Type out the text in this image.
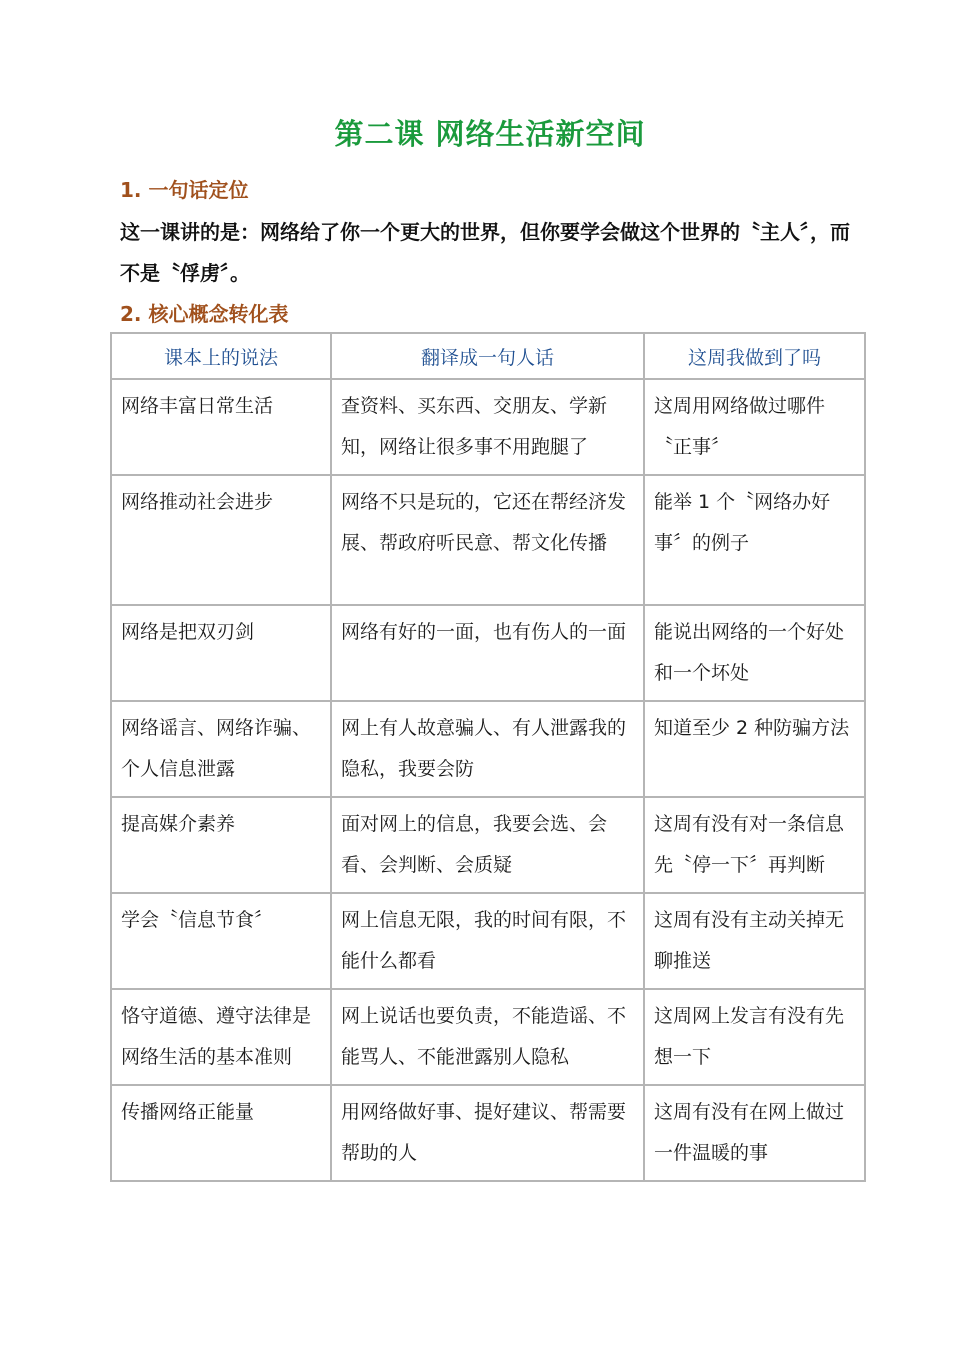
第二课 网络生活新空间
1. 一句话定位
这一课讲的是：网络给了你一个更大的世界，但你要学会做这个世界的〝主人〞，而不是〝俘虏〞。
2. 核心概念转化表
课本上的说法	翻译成一句人话	这周我做到了吗
网络丰富日常生活	查资料、买东西、交朋友、学新知，网络让很多事不用跑腿了	这周用网络做过哪件〝正事〞
网络推动社会进步	网络不只是玩的，它还在帮经济发展、帮政府听民意、帮文化传播	能举 1 个〝网络办好事〞的例子
网络是把双刃剑	网络有好的一面，也有伤人的一面	能说出网络的一个好处和一个坏处
网络谣言、网络诈骗、个人信息泄露	网上有人故意骗人、有人泄露我的隐私，我要会防	知道至少 2 种防骗方法
提高媒介素养	面对网上的信息，我要会选、会看、会判断、会质疑	这周有没有对一条信息先〝停一下〞再判断
学会〝信息节食〞	网上信息无限，我的时间有限，不能什么都看	这周有没有主动关掉无聊推送
恪守道德、遵守法律是网络生活的基本准则	网上说话也要负责，不能造谣、不能骂人、不能泄露别人隐私	这周网上发言有没有先想一下
传播网络正能量	用网络做好事、提好建议、帮需要帮助的人	这周有没有在网上做过一件温暖的事
